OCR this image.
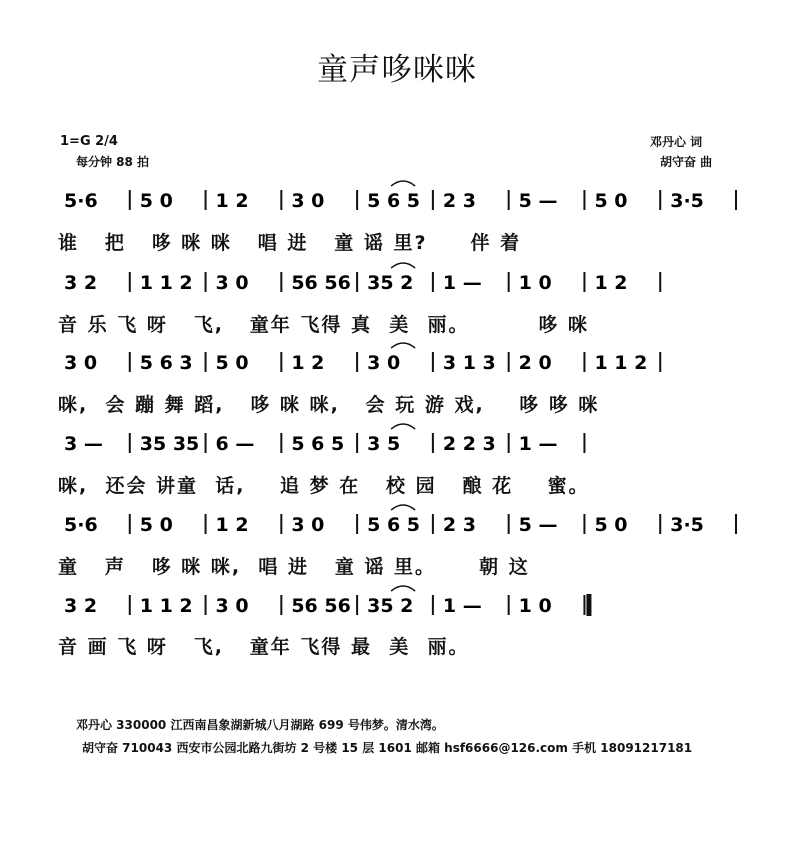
童声哆咪咪
1=G 2/4
每分钟 88 拍
邓丹心 词
胡守奋 曲
5·6 5 0 1 2 3 0 5 6 5 2 3 5 — 5 0 3·5
3 2 1 1 2 3 0 56 56 35 2 1 — 1 0 1 2
3 0 5 6 3 5 0 1 2 3 0 3 1 3 2 0 1 1 2
3 — 35 35 6 — 5 6 5 3 5 2 2 3 1 —
5·6 5 0 1 2 3 0 5 6 5 2 3 5 — 5 0 3·5
3 2 1 1 2 3 0 56 56 35 2 1 — 1 0
谁   把   哆 咪 咪   唱 进   童 谣 里?     伴 着
音 乐 飞 呀   飞,   童年 飞得 真  美  丽。        哆 咪
咪,  会 蹦 舞 蹈,   哆 咪 咪,   会 玩 游 戏,    哆 哆 咪
咪,  还会 讲童  话,    追 梦 在   校 园   酿 花    蜜。
童   声   哆 咪 咪,  唱 进   童 谣 里。     朝 这
音 画 飞 呀   飞,   童年 飞得 最  美  丽。
邓丹心 330000 江西南昌象湖新城八月湖路 699 号伟梦。清水湾。
胡守奋 710043 西安市公园北路九街坊 2 号楼 15 层 1601 邮箱 hsf6666@126.com 手机 18091217181
